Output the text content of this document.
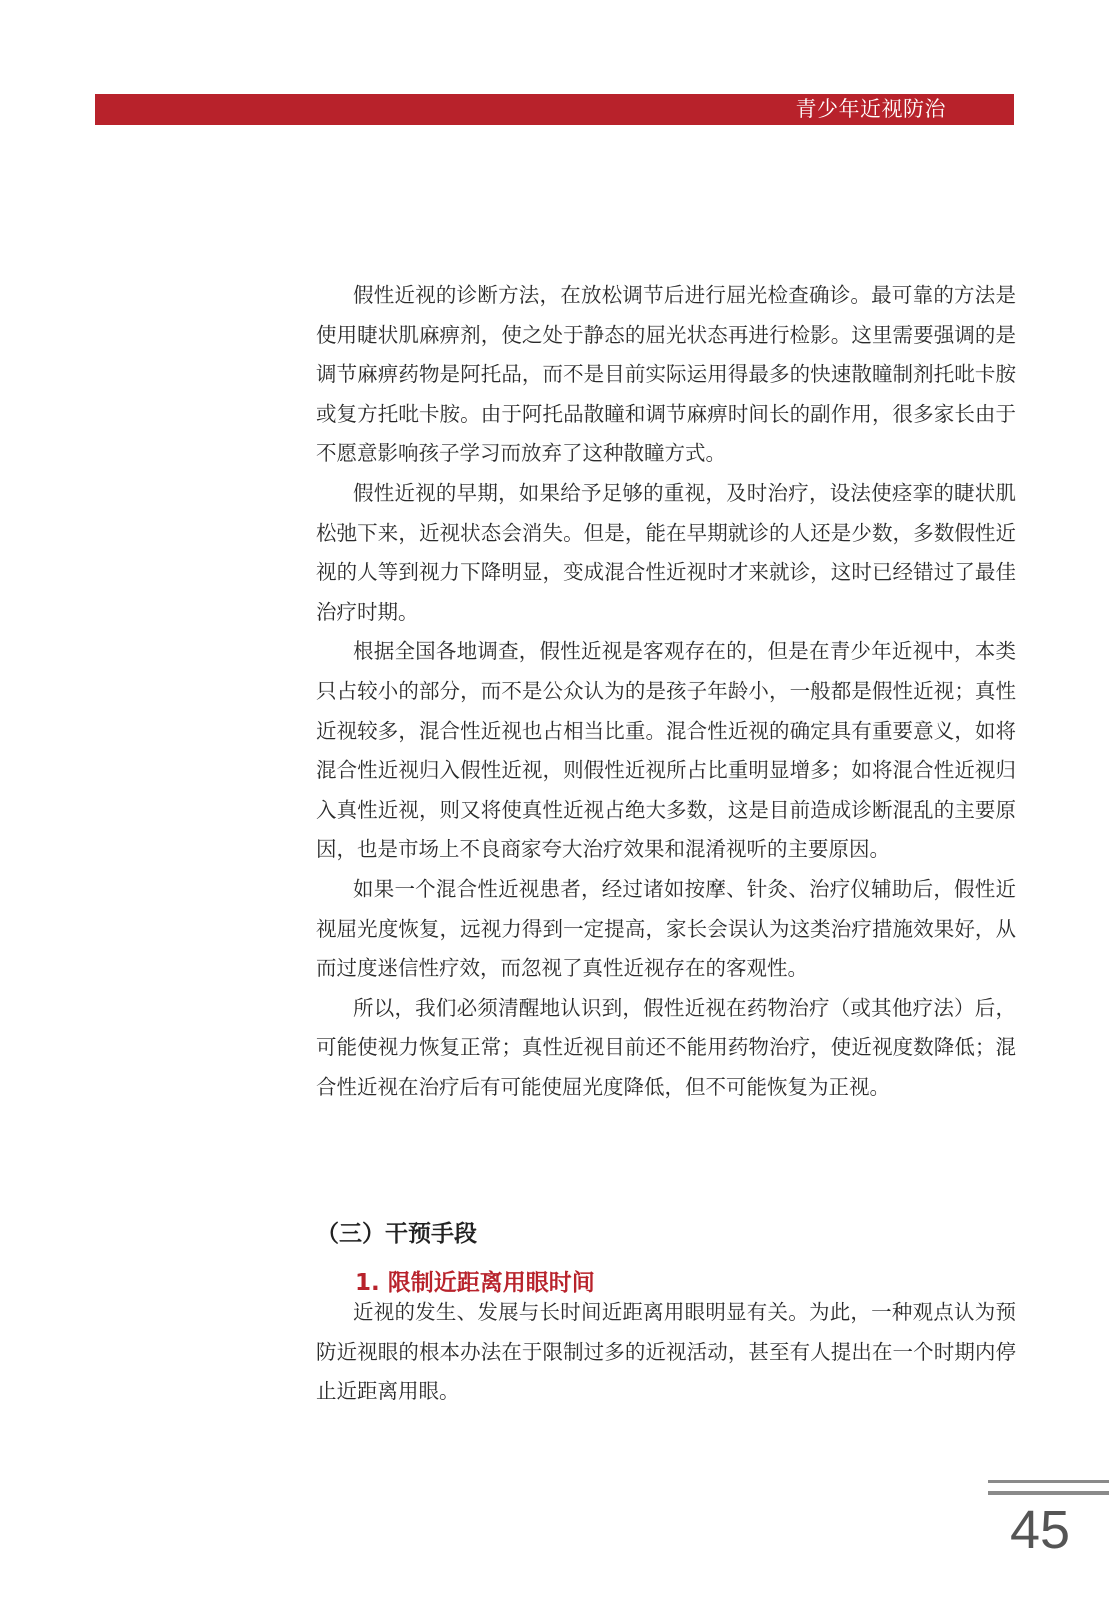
青少年近视防治

假性近视的诊断方法，在放松调节后进行屈光检查确诊。最可靠的方法是使用睫状肌麻痹剂，使之处于静态的屈光状态再进行检影。这里需要强调的是调节麻痹药物是阿托品，而不是目前实际运用得最多的快速散瞳制剂托吡卡胺或复方托吡卡胺。由于阿托品散瞳和调节麻痹时间长的副作用，很多家长由于不愿意影响孩子学习而放弃了这种散瞳方式。

假性近视的早期，如果给予足够的重视，及时治疗，设法使痉挛的睫状肌松弛下来，近视状态会消失。但是，能在早期就诊的人还是少数，多数假性近视的人等到视力下降明显，变成混合性近视时才来就诊，这时已经错过了最佳治疗时期。

根据全国各地调查，假性近视是客观存在的，但是在青少年近视中，本类只占较小的部分，而不是公众认为的是孩子年龄小，一般都是假性近视；真性近视较多，混合性近视也占相当比重。混合性近视的确定具有重要意义，如将混合性近视归入假性近视，则假性近视所占比重明显增多；如将混合性近视归入真性近视，则又将使真性近视占绝大多数，这是目前造成诊断混乱的主要原因，也是市场上不良商家夸大治疗效果和混淆视听的主要原因。

如果一个混合性近视患者，经过诸如按摩、针灸、治疗仪辅助后，假性近视屈光度恢复，远视力得到一定提高，家长会误认为这类治疗措施效果好，从而过度迷信性疗效，而忽视了真性近视存在的客观性。

所以，我们必须清醒地认识到，假性近视在药物治疗（或其他疗法）后，可能使视力恢复正常；真性近视目前还不能用药物治疗，使近视度数降低；混合性近视在治疗后有可能使屈光度降低，但不可能恢复为正视。

（三）干预手段
1. 限制近距离用眼时间

近视的发生、发展与长时间近距离用眼明显有关。为此，一种观点认为预防近视眼的根本办法在于限制过多的近视活动，甚至有人提出在一个时期内停止近距离用眼。

45
